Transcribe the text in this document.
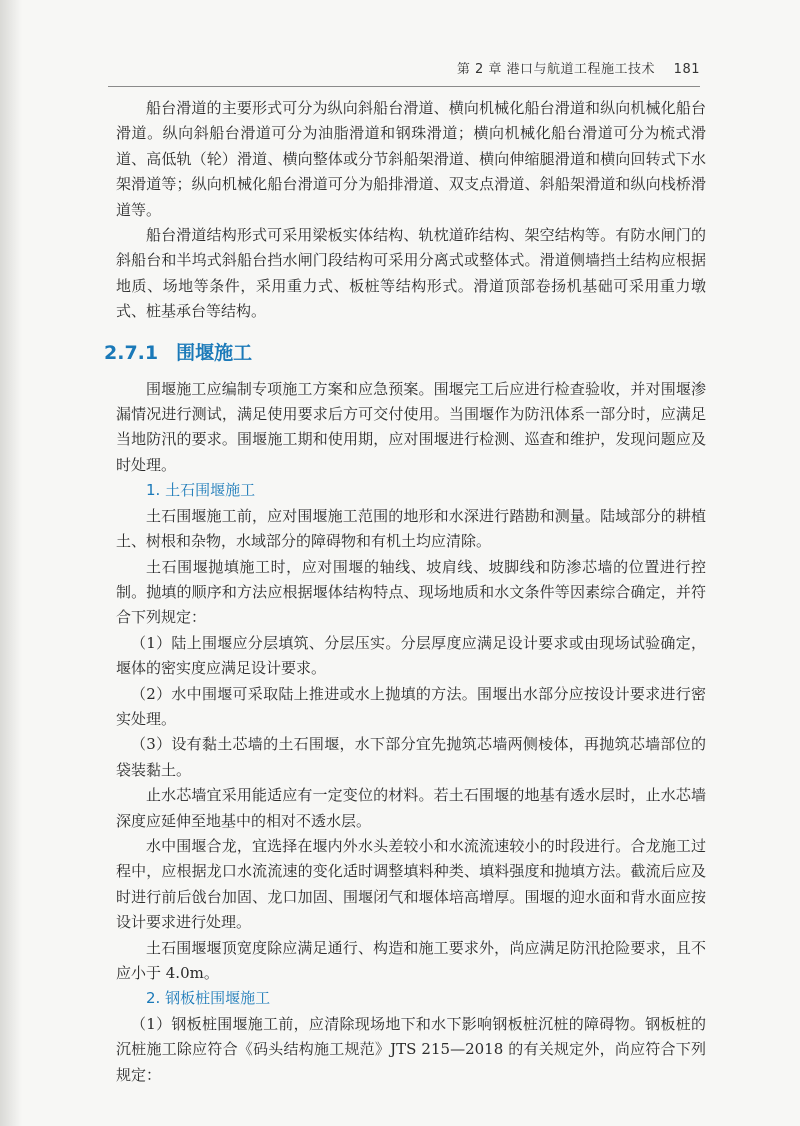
第 2 章 港口与航道工程施工技术 181

船台滑道的主要形式可分为纵向斜船台滑道、横向机械化船台滑道和纵向机械化船台滑道。纵向斜船台滑道可分为油脂滑道和钢珠滑道；横向机械化船台滑道可分为梳式滑道、高低轨（轮）滑道、横向整体或分节斜船架滑道、横向伸缩腿滑道和横向回转式下水架滑道等；纵向机械化船台滑道可分为船排滑道、双支点滑道、斜船架滑道和纵向栈桥滑道等。

船台滑道结构形式可采用梁板实体结构、轨枕道砟结构、架空结构等。有防水闸门的斜船台和半坞式斜船台挡水闸门段结构可采用分离式或整体式。滑道侧墙挡土结构应根据地质、场地等条件，采用重力式、板桩等结构形式。滑道顶部卷扬机基础可采用重力墩式、桩基承台等结构。

2.7.1 围堰施工

围堰施工应编制专项施工方案和应急预案。围堰完工后应进行检查验收，并对围堰渗漏情况进行测试，满足使用要求后方可交付使用。当围堰作为防汛体系一部分时，应满足当地防汛的要求。围堰施工期和使用期，应对围堰进行检测、巡查和维护，发现问题应及时处理。

1. 土石围堰施工

土石围堰施工前，应对围堰施工范围的地形和水深进行踏勘和测量。陆域部分的耕植土、树根和杂物，水域部分的障碍物和有机土均应清除。

土石围堰抛填施工时，应对围堰的轴线、坡肩线、坡脚线和防渗芯墙的位置进行控制。抛填的顺序和方法应根据堰体结构特点、现场地质和水文条件等因素综合确定，并符合下列规定：

（1）陆上围堰应分层填筑、分层压实。分层厚度应满足设计要求或由现场试验确定，堰体的密实度应满足设计要求。

（2）水中围堰可采取陆上推进或水上抛填的方法。围堰出水部分应按设计要求进行密实处理。

（3）设有黏土芯墙的土石围堰，水下部分宜先抛筑芯墙两侧棱体，再抛筑芯墙部位的袋装黏土。

止水芯墙宜采用能适应有一定变位的材料。若土石围堰的地基有透水层时，止水芯墙深度应延伸至地基中的相对不透水层。

水中围堰合龙，宜选择在堰内外水头差较小和水流流速较小的时段进行。合龙施工过程中，应根据龙口水流流速的变化适时调整填料种类、填料强度和抛填方法。截流后应及时进行前后戗台加固、龙口加固、围堰闭气和堰体培高增厚。围堰的迎水面和背水面应按设计要求进行处理。

土石围堰堰顶宽度除应满足通行、构造和施工要求外，尚应满足防汛抢险要求，且不应小于 4.0m。

2. 钢板桩围堰施工

（1）钢板桩围堰施工前，应清除现场地下和水下影响钢板桩沉桩的障碍物。钢板桩的沉桩施工除应符合《码头结构施工规范》JTS 215—2018 的有关规定外，尚应符合下列规定：
